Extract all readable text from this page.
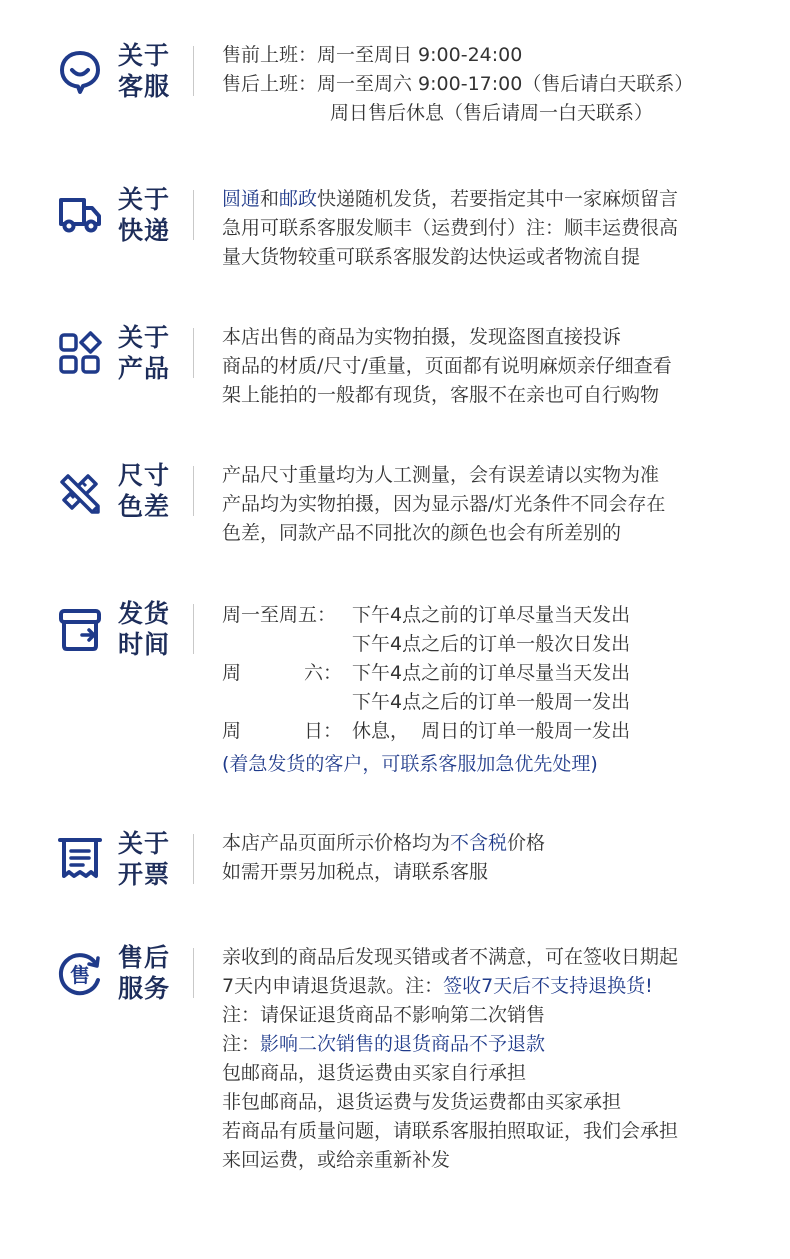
关于
客服
售前上班：周一至周日 9:00-24:00
售后上班：周一至周六 9:00-17:00（售后请白天联系）
周日售后休息（售后请周一白天联系）
关于
快递
圆通和邮政快递随机发货，若要指定其中一家麻烦留言
急用可联系客服发顺丰（运费到付）注：顺丰运费很高
量大货物较重可联系客服发韵达快运或者物流自提
关于
产品
本店出售的商品为实物拍摄，发现盗图直接投诉
商品的材质/尺寸/重量，页面都有说明麻烦亲仔细查看
架上能拍的一般都有现货，客服不在亲也可自行购物
尺寸
色差
产品尺寸重量均为人工测量，会有误差请以实物为准
产品均为实物拍摄，因为显示器/灯光条件不同会存在
色差，同款产品不同批次的颜色也会有所差别的
发货
时间
周一至周五： 下午4点之前的订单尽量当天发出
下午4点之后的订单一般次日发出
周	六： 下午4点之前的订单尽量当天发出
下午4点之后的订单一般周一发出
周	日： 休息，  周日的订单一般周一发出
(着急发货的客户，可联系客服加急优先处理)
关于
开票
本店产品页面所示价格均为不含税价格
如需开票另加税点，请联系客服
售
售后
服务
亲收到的商品后发现买错或者不满意，可在签收日期起
7天内申请退货退款。注：签收7天后不支持退换货!
注：请保证退货商品不影响第二次销售
注：影响二次销售的退货商品不予退款
包邮商品，退货运费由买家自行承担
非包邮商品，退货运费与发货运费都由买家承担
若商品有质量问题，请联系客服拍照取证，我们会承担
来回运费，或给亲重新补发
